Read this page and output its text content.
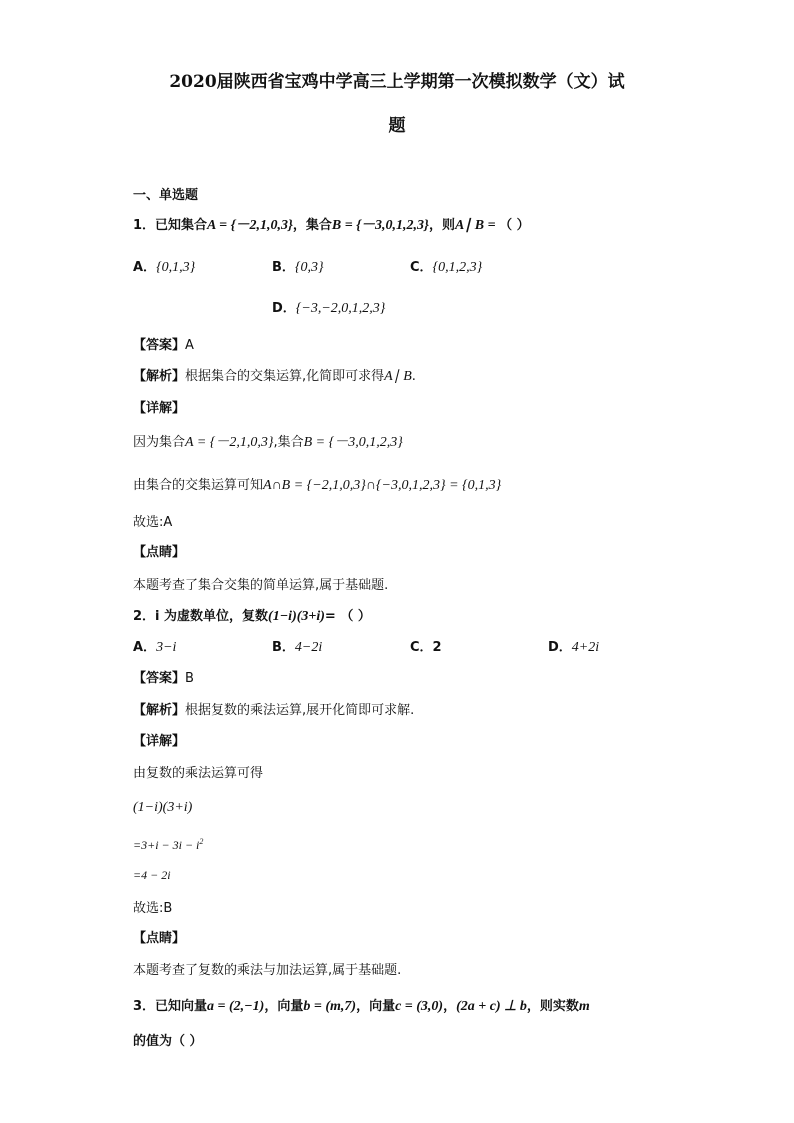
2020届陕西省宝鸡中学高三上学期第一次模拟数学（文）试
题
一、单选题
1．已知集合A = {－2,1,0,3}，集合B = {－3,0,1,2,3}，则A∣ B = （ ）
A．{0,1,3}	B．{0,3}	C．{0,1,2,3}
D．{−3,−2,0,1,2,3}
【答案】A
【解析】根据集合的交集运算,化简即可求得A∣ B.
【详解】
因为集合A = {－2,1,0,3},集合B = {－3,0,1,2,3}
由集合的交集运算可知A∩B = {−2,1,0,3}∩{−3,0,1,2,3} = {0,1,3}
故选:A
【点睛】
本题考查了集合交集的简单运算,属于基础题.
2．i 为虚数单位，复数(1−i)(3+i)= （ ）
A．3−i	B．4−2i	C．2	D．4+2i
【答案】B
【解析】根据复数的乘法运算,展开化简即可求解.
【详解】
由复数的乘法运算可得
(1−i)(3+i)
$=3+i - 3i - i^2$
=4 − 2i
故选:B
【点睛】
本题考查了复数的乘法与加法运算,属于基础题.
3．已知向量a = (2,−1)，向量b = (m,7)，向量c = (3,0)，(2a + c) ⊥ b，则实数m
的值为（ ）
